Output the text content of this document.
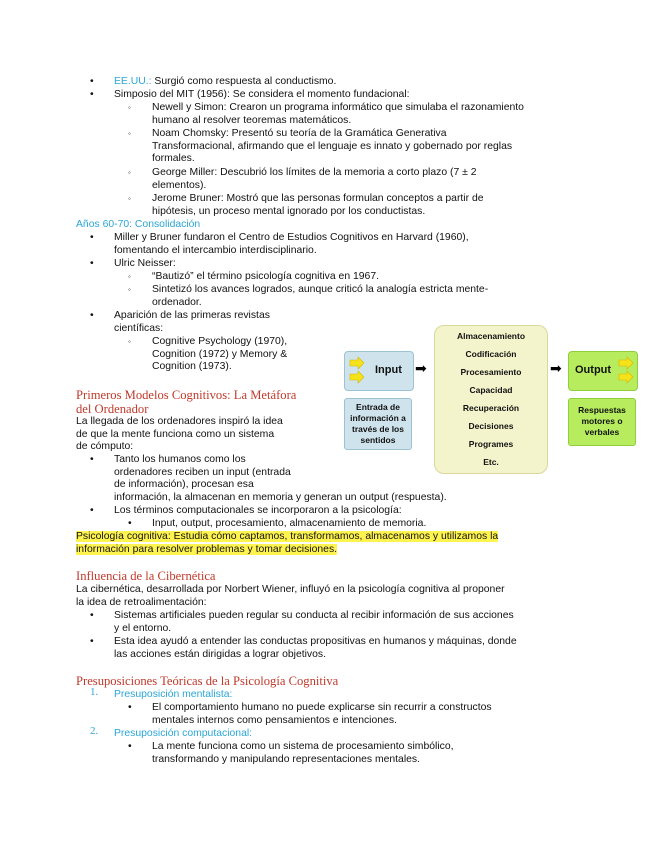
• EE.UU.: Surgió como respuesta al conductismo.
• Simposio del MIT (1956): Se considera el momento fundacional:
◦ Newell y Simon: Crearon un programa informático que simulaba el razonamiento
humano al resolver teoremas matemáticos.
◦ Noam Chomsky: Presentó su teoría de la Gramática Generativa
Transformacional, afirmando que el lenguaje es innato y gobernado por reglas
formales.
◦ George Miller: Descubrió los límites de la memoria a corto plazo (7 ± 2
elementos).
◦ Jerome Bruner: Mostró que las personas formulan conceptos a partir de
hipótesis, un proceso mental ignorado por los conductistas.
Años 60-70: Consolidación
• Miller y Bruner fundaron el Centro de Estudios Cognitivos en Harvard (1960),
fomentando el intercambio interdisciplinario.
• Ulric Neisser:
◦ “Bautizó” el término psicología cognitiva en 1967.
◦ Sintetizó los avances logrados, aunque criticó la analogía estricta mente-
ordenador.
• Aparición de las primeras revistas
científicas:
◦ Cognitive Psychology (1970),
Cognition (1972) y Memory &
Cognition (1973).
Primeros Modelos Cognitivos: La Metáfora
del Ordenador
La llegada de los ordenadores inspiró la idea
de que la mente funciona como un sistema
de cómputo:
• Tanto los humanos como los
ordenadores reciben un input (entrada
de información), procesan esa
información, la almacenan en memoria y generan un output (respuesta).
• Los términos computacionales se incorporaron a la psicología:
• Input, output, procesamiento, almacenamiento de memoria.
Psicología cognitiva: Estudia cómo captamos, transformamos, almacenamos y utilizamos la
información para resolver problemas y tomar decisiones.
Input
Entrada de
información a
través de los
sentidos
➡
Almacenamiento
Codificación
Procesamiento
Capacidad
Recuperación
Decisiones
Programes
Etc.
➡ Output
Respuestas
motores o
verbales
Influencia de la Cibernética
La cibernética, desarrollada por Norbert Wiener, influyó en la psicología cognitiva al proponer
la idea de retroalimentación:
• Sistemas artificiales pueden regular su conducta al recibir información de sus acciones
y el entorno.
• Esta idea ayudó a entender las conductas propositivas en humanos y máquinas, donde
las acciones están dirigidas a lograr objetivos.
Presuposiciones Teóricas de la Psicología Cognitiva
1. Presuposición mentalista:
• El comportamiento humano no puede explicarse sin recurrir a constructos
mentales internos como pensamientos e intenciones.
2. Presuposición computacional:
• La mente funciona como un sistema de procesamiento simbólico,
transformando y manipulando representaciones mentales.
